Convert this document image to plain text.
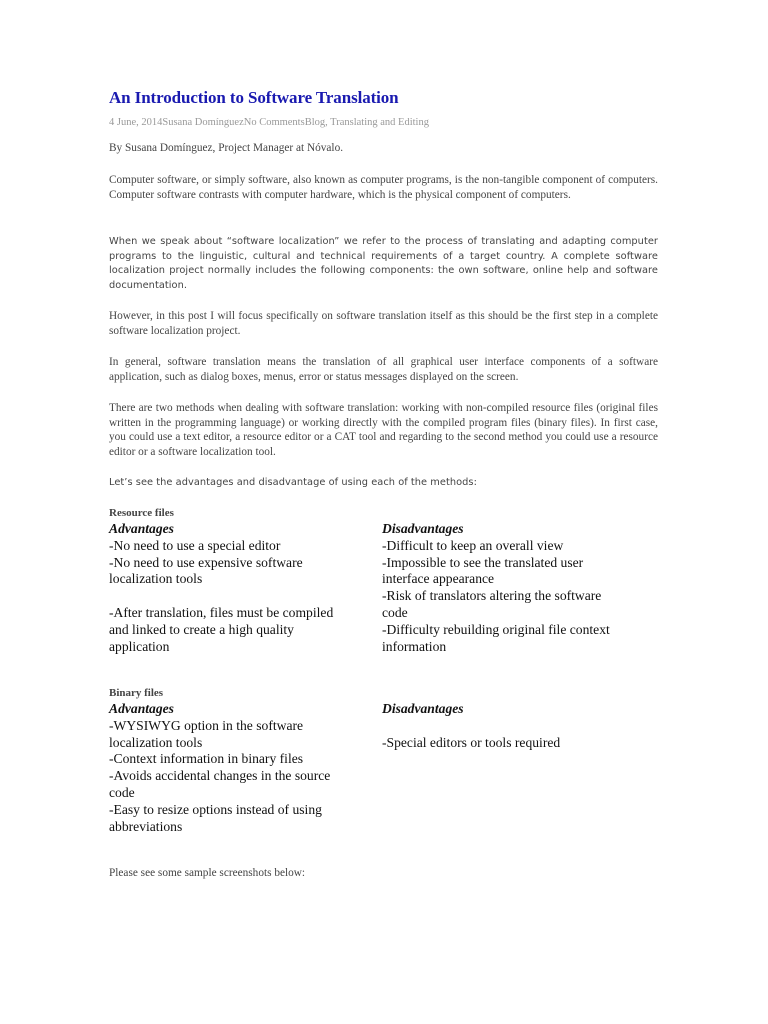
An Introduction to Software Translation
4 June, 2014Susana DomínguezNo CommentsBlog, Translating and Editing

By Susana Domínguez, Project Manager at Nóvalo.

Computer software, or simply software, also known as computer programs, is the non-tangible component of computers. Computer software contrasts with computer hardware, which is the physical component of computers.

When we speak about “software localization” we refer to the process of translating and adapting computer programs to the linguistic, cultural and technical requirements of a target country. A complete software localization project normally includes the following components: the own software, online help and software documentation.

However, in this post I will focus specifically on software translation itself as this should be the first step in a complete software localization project.

In general, software translation means the translation of all graphical user interface components of a software application, such as dialog boxes, menus, error or status messages displayed on the screen.

There are two methods when dealing with software translation: working with non-compiled resource files (original files written in the programming language) or working directly with the compiled program files (binary files). In first case, you could use a text editor, a resource editor or a CAT tool and regarding to the second method you could use a resource editor or a software localization tool.

Let’s see the advantages and disadvantage of using each of the methods:

Resource files
Advantages
-No need to use a special editor
-No need to use expensive software
localization tools
-After translation, files must be compiled
and linked to create a high quality
application
Disadvantages
-Difficult to keep an overall view
-Impossible to see the translated user
interface appearance
-Risk of translators altering the software
code
-Difficulty rebuilding original file context
information
Binary files
Advantages
-WYSIWYG option in the software
localization tools
-Context information in binary files
-Avoids accidental changes in the source
code
-Easy to resize options instead of using
abbreviations
Disadvantages
-Special editors or tools required

Please see some sample screenshots below:
